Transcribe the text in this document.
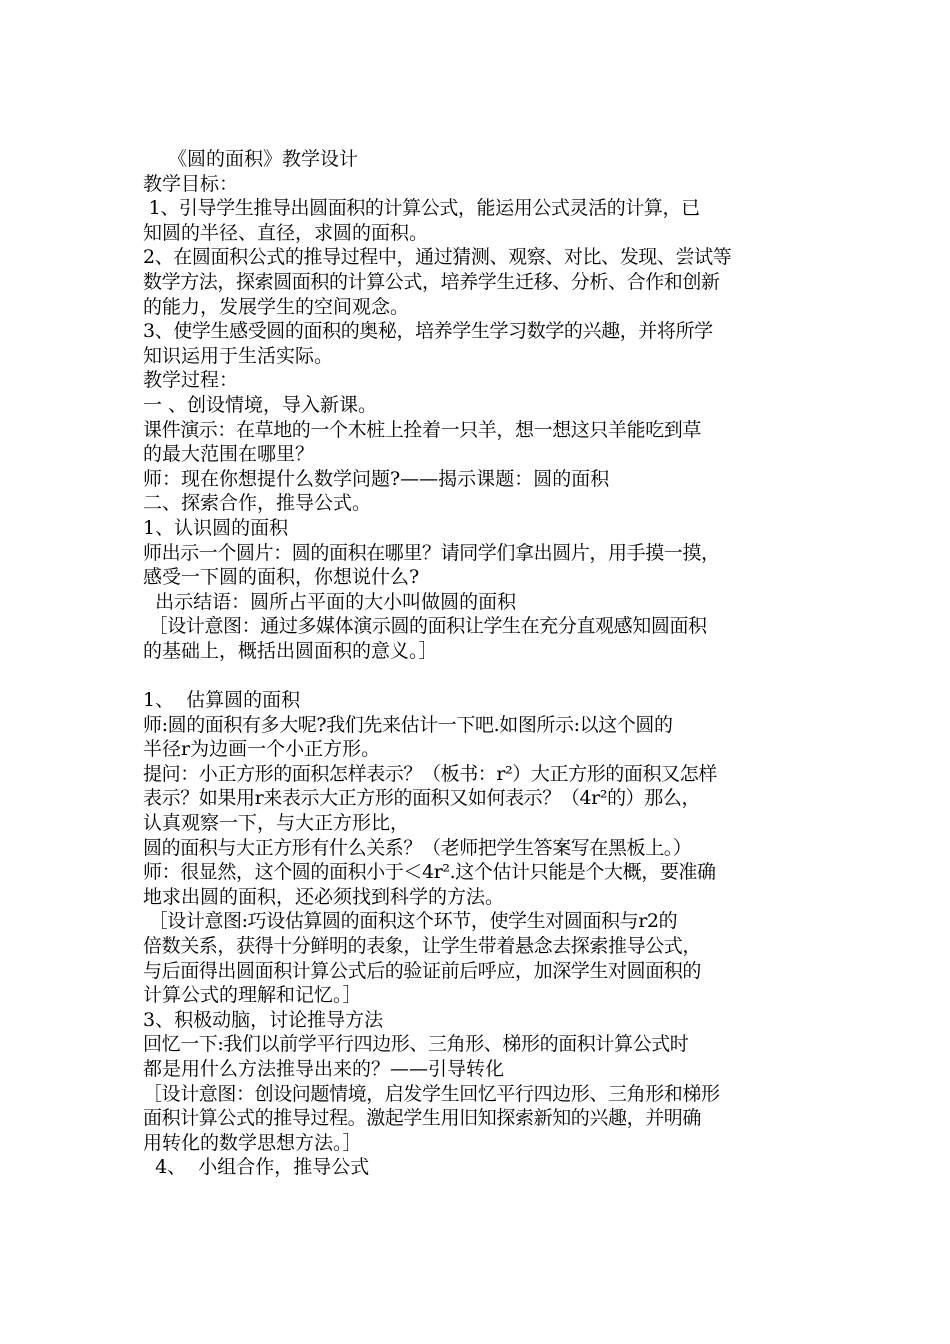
《圆的面积》教学设计
教学目标：
1、引导学生推导出圆面积的计算公式，能运用公式灵活的计算，已
知圆的半径、直径，求圆的面积。
2、在圆面积公式的推导过程中，通过猜测、观察、对比、发现、尝试等
数学方法，探索圆面积的计算公式，培养学生迁移、分析、合作和创新
的能力，发展学生的空间观念。
3、使学生感受圆的面积的奥秘，培养学生学习数学的兴趣，并将所学
知识运用于生活实际。
教学过程：
一 、创设情境，导入新课。
课件演示：在草地的一个木桩上拴着一只羊，想一想这只羊能吃到草
的最大范围在哪里？
师：现在你想提什么数学问题?——揭示课题：圆的面积
二、探索合作，推导公式。
1、认识圆的面积
师出示一个圆片：圆的面积在哪里？请同学们拿出圆片，用手摸一摸，
感受一下圆的面积，你想说什么?
出示结语：圆所占平面的大小叫做圆的面积
［设计意图：通过多媒体演示圆的面积让学生在充分直观感知圆面积
的基础上，概括出圆面积的意义。］
1、  估算圆的面积
师:圆的面积有多大呢?我们先来估计一下吧.如图所示:以这个圆的
半径r为边画一个小正方形。
提问：小正方形的面积怎样表示？（板书：r²）大正方形的面积又怎样
表示？如果用r来表示大正方形的面积又如何表示？（4r²的）那么，
认真观察一下，与大正方形比，
圆的面积与大正方形有什么关系？（老师把学生答案写在黑板上。）
师：很显然，这个圆的面积小于＜4r².这个估计只能是个大概，要准确
地求出圆的面积，还必须找到科学的方法。
［设计意图:巧设估算圆的面积这个环节，使学生对圆面积与r2的
倍数关系，获得十分鲜明的表象，让学生带着悬念去探索推导公式，
与后面得出圆面积计算公式后的验证前后呼应，加深学生对圆面积的
计算公式的理解和记忆。］
3、积极动脑，讨论推导方法
回忆一下:我们以前学平行四边形、三角形、梯形的面积计算公式时
都是用什么方法推导出来的？——引导转化
［设计意图：创设问题情境，启发学生回忆平行四边形、三角形和梯形
面积计算公式的推导过程。激起学生用旧知探索新知的兴趣，并明确
用转化的数学思想方法。］
4、  小组合作，推导公式
